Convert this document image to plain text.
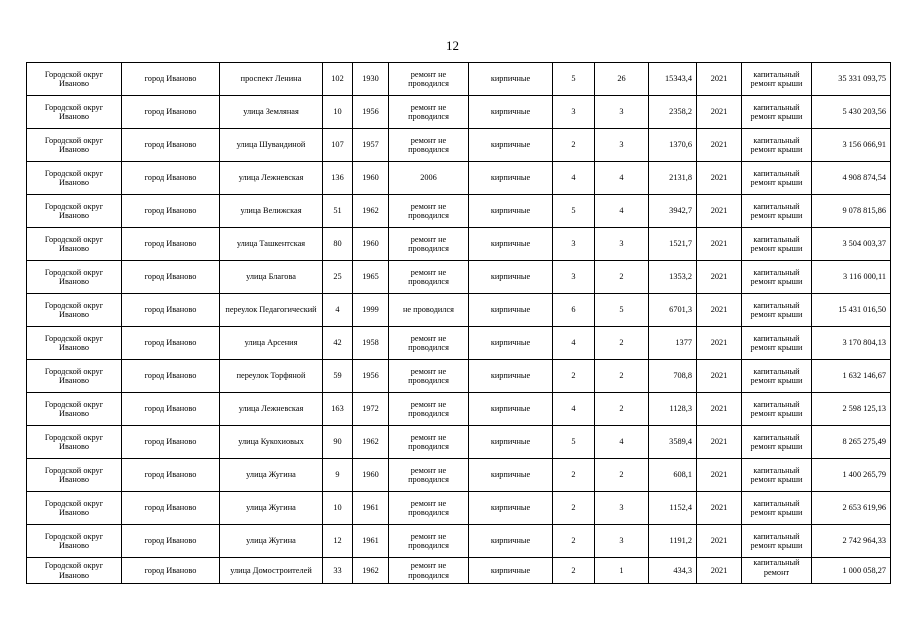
12
Городской округ Иваново	город Иваново	проспект Ленина	102	1930	ремонт не проводился	кирпичные	5	26	15343,4	2021	капитальный ремонт крыши	35 331 093,75
Городской округ Иваново	город Иваново	улица Земляная	10	1956	ремонт не проводился	кирпичные	3	3	2358,2	2021	капитальный ремонт крыши	5 430 203,56
Городской округ Иваново	город Иваново	улица Шувандиной	107	1957	ремонт не проводился	кирпичные	2	3	1370,6	2021	капитальный ремонт крыши	3 156 066,91
Городской округ Иваново	город Иваново	улица Лежневская	136	1960	2006	кирпичные	4	4	2131,8	2021	капитальный ремонт крыши	4 908 874,54
Городской округ Иваново	город Иваново	улица Велижская	51	1962	ремонт не проводился	кирпичные	5	4	3942,7	2021	капитальный ремонт крыши	9 078 815,86
Городской округ Иваново	город Иваново	улица Ташкентская	80	1960	ремонт не проводился	кирпичные	3	3	1521,7	2021	капитальный ремонт крыши	3 504 003,37
Городской округ Иваново	город Иваново	улица Благова	25	1965	ремонт не проводился	кирпичные	3	2	1353,2	2021	капитальный ремонт крыши	3 116 000,11
Городской округ Иваново	город Иваново	переулок Педагогический	4	1999	не проводился	кирпичные	6	5	6701,3	2021	капитальный ремонт крыши	15 431 016,50
Городской округ Иваново	город Иваново	улица Арсения	42	1958	ремонт не проводился	кирпичные	4	2	1377	2021	капитальный ремонт крыши	3 170 804,13
Городской округ Иваново	город Иваново	переулок Торфяной	59	1956	ремонт не проводился	кирпичные	2	2	708,8	2021	капитальный ремонт крыши	1 632 146,67
Городской округ Иваново	город Иваново	улица Лежневская	163	1972	ремонт не проводился	кирпичные	4	2	1128,3	2021	капитальный ремонт крыши	2 598 125,13
Городской округ Иваново	город Иваново	улица Кукохиовых	90	1962	ремонт не проводился	кирпичные	5	4	3589,4	2021	капитальный ремонт крыши	8 265 275,49
Городской округ Иваново	город Иваново	улица Жугина	9	1960	ремонт не проводился	кирпичные	2	2	608,1	2021	капитальный ремонт крыши	1 400 265,79
Городской округ Иваново	город Иваново	улица Жугина	10	1961	ремонт не проводился	кирпичные	2	3	1152,4	2021	капитальный ремонт крыши	2 653 619,96
Городской округ Иваново	город Иваново	улица Жугина	12	1961	ремонт не проводился	кирпичные	2	3	1191,2	2021	капитальный ремонт крыши	2 742 964,33
Городской округ Иваново	город Иваново	улица Домостроителей	33	1962	ремонт не проводился	кирпичные	2	1	434,3	2021	капитальный ремонт	1 000 058,27
